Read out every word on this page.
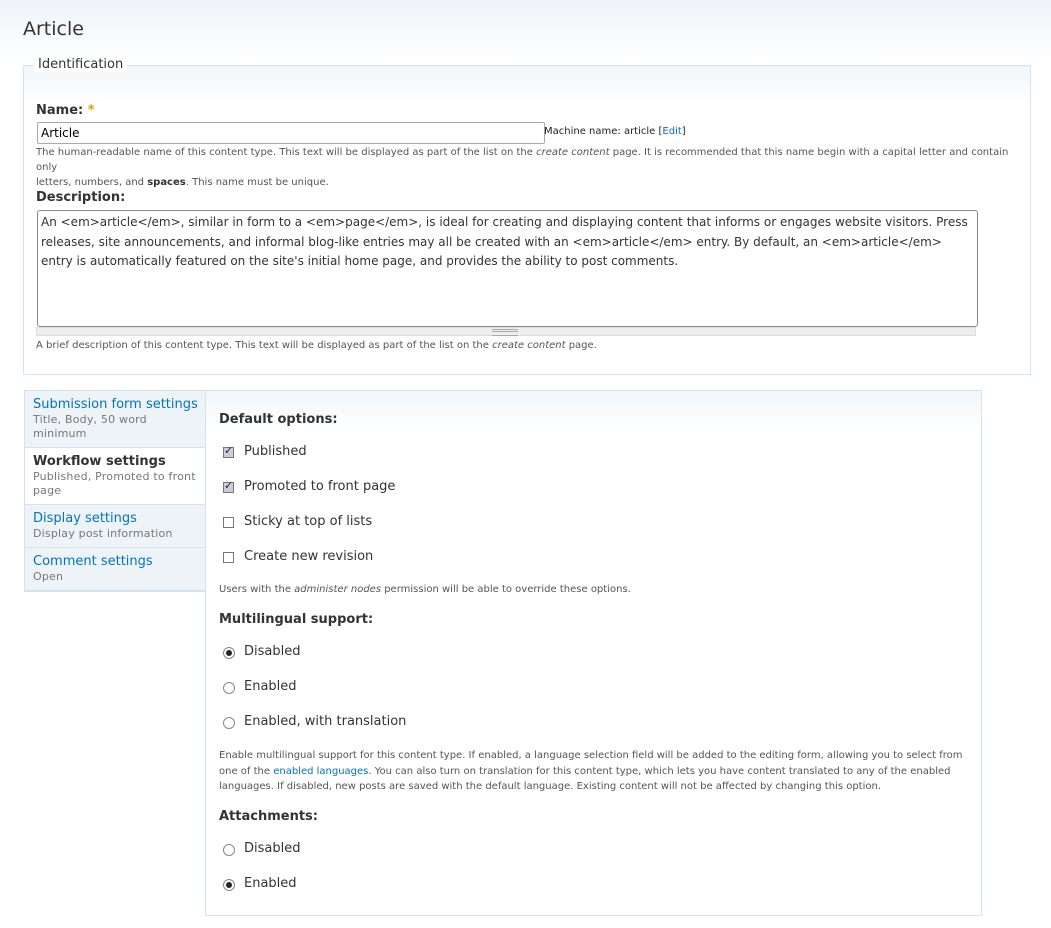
Article
Identification
Name: *
Article
Machine name: article [Edit]
The human-readable name of this content type. This text will be displayed as part of the list on the create content page. It is recommended that this name begin with a capital letter and contain only
letters, numbers, and spaces. This name must be unique.
Description:
An <em>article</em>, similar in form to a <em>page</em>, is ideal for creating and displaying content that informs or engages website visitors. Press releases, site announcements, and informal blog-like entries may all be created with an <em>article</em> entry. By default, an <em>article</em> entry is automatically featured on the site's initial home page, and provides the ability to post comments.
A brief description of this content type. This text will be displayed as part of the list on the create content page.
Submission form settings
Title, Body, 50 word minimum
Workflow settings
Published, Promoted to front page
Display settings
Display post information
Comment settings
Open
Default options:
✓
Published
✓
Promoted to front page
Sticky at top of lists
Create new revision
Users with the administer nodes permission will be able to override these options.
Multilingual support:
Disabled
Enabled
Enabled, with translation
Enable multilingual support for this content type. If enabled, a language selection field will be added to the editing form, allowing you to select from one of the enabled languages. You can also turn on translation for this content type, which lets you have content translated to any of the enabled languages. If disabled, new posts are saved with the default language. Existing content will not be affected by changing this option.
Attachments:
Disabled
Enabled
